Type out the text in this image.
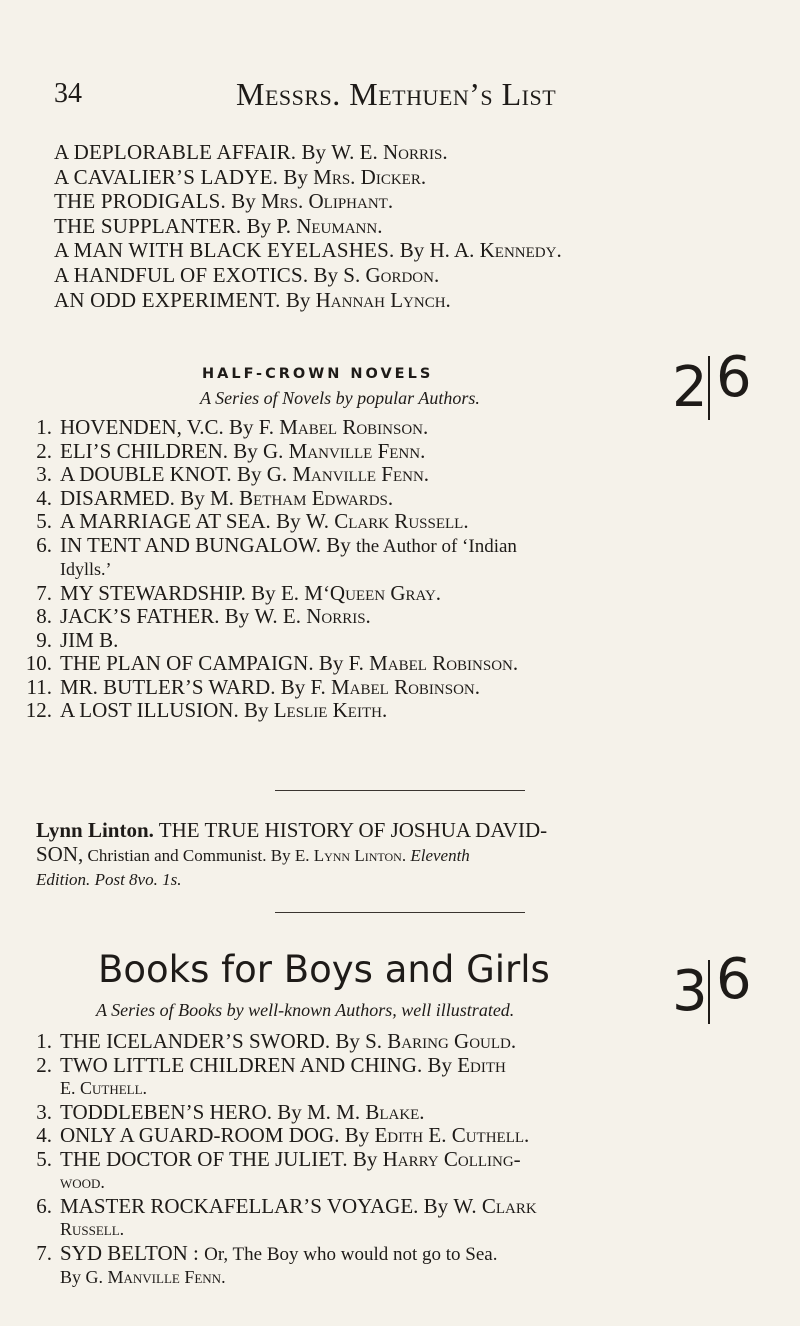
34	Messrs. Methuen’s List
A DEPLORABLE AFFAIR. By W. E. Norris.
A CAVALIER’S LADYE. By Mrs. Dicker.
THE PRODIGALS. By Mrs. Oliphant.
THE SUPPLANTER. By P. Neumann.
A MAN WITH BLACK EYELASHES. By H. A. Kennedy.
A HANDFUL OF EXOTICS. By S. Gordon.
AN ODD EXPERIMENT. By Hannah Lynch.
HALF-CROWN NOVELS
A Series of Novels by popular Authors.	2 6
1. HOVENDEN, V.C. By F. Mabel Robinson.
2. ELI’S CHILDREN. By G. Manville Fenn.
3. A DOUBLE KNOT. By G. Manville Fenn.
4. DISARMED. By M. Betham Edwards.
5. A MARRIAGE AT SEA. By W. Clark Russell.
6. IN TENT AND BUNGALOW. By the Author of ‘Indian
Idylls.’
7. MY STEWARDSHIP. By E. M‘Queen Gray.
8. JACK’S FATHER. By W. E. Norris.
9. JIM B.
10. THE PLAN OF CAMPAIGN. By F. Mabel Robinson.
11. MR. BUTLER’S WARD. By F. Mabel Robinson.
12. A LOST ILLUSION. By Leslie Keith.
Lynn Linton. THE TRUE HISTORY OF JOSHUA DAVID-
SON, Christian and Communist. By E. Lynn Linton. Eleventh
Edition. Post 8vo. 1s.
Books for Boys and Girls
A Series of Books by well-known Authors, well illustrated.	3 6
1. THE ICELANDER’S SWORD. By S. Baring Gould.
2. TWO LITTLE CHILDREN AND CHING. By Edith
E. Cuthell.
3. TODDLEBEN’S HERO. By M. M. Blake.
4. ONLY A GUARD-ROOM DOG. By Edith E. Cuthell.
5. THE DOCTOR OF THE JULIET. By Harry Colling-
wood.
6. MASTER ROCKAFELLAR’S VOYAGE. By W. Clark
Russell.
7. SYD BELTON : Or, The Boy who would not go to Sea.
By G. Manville Fenn.
